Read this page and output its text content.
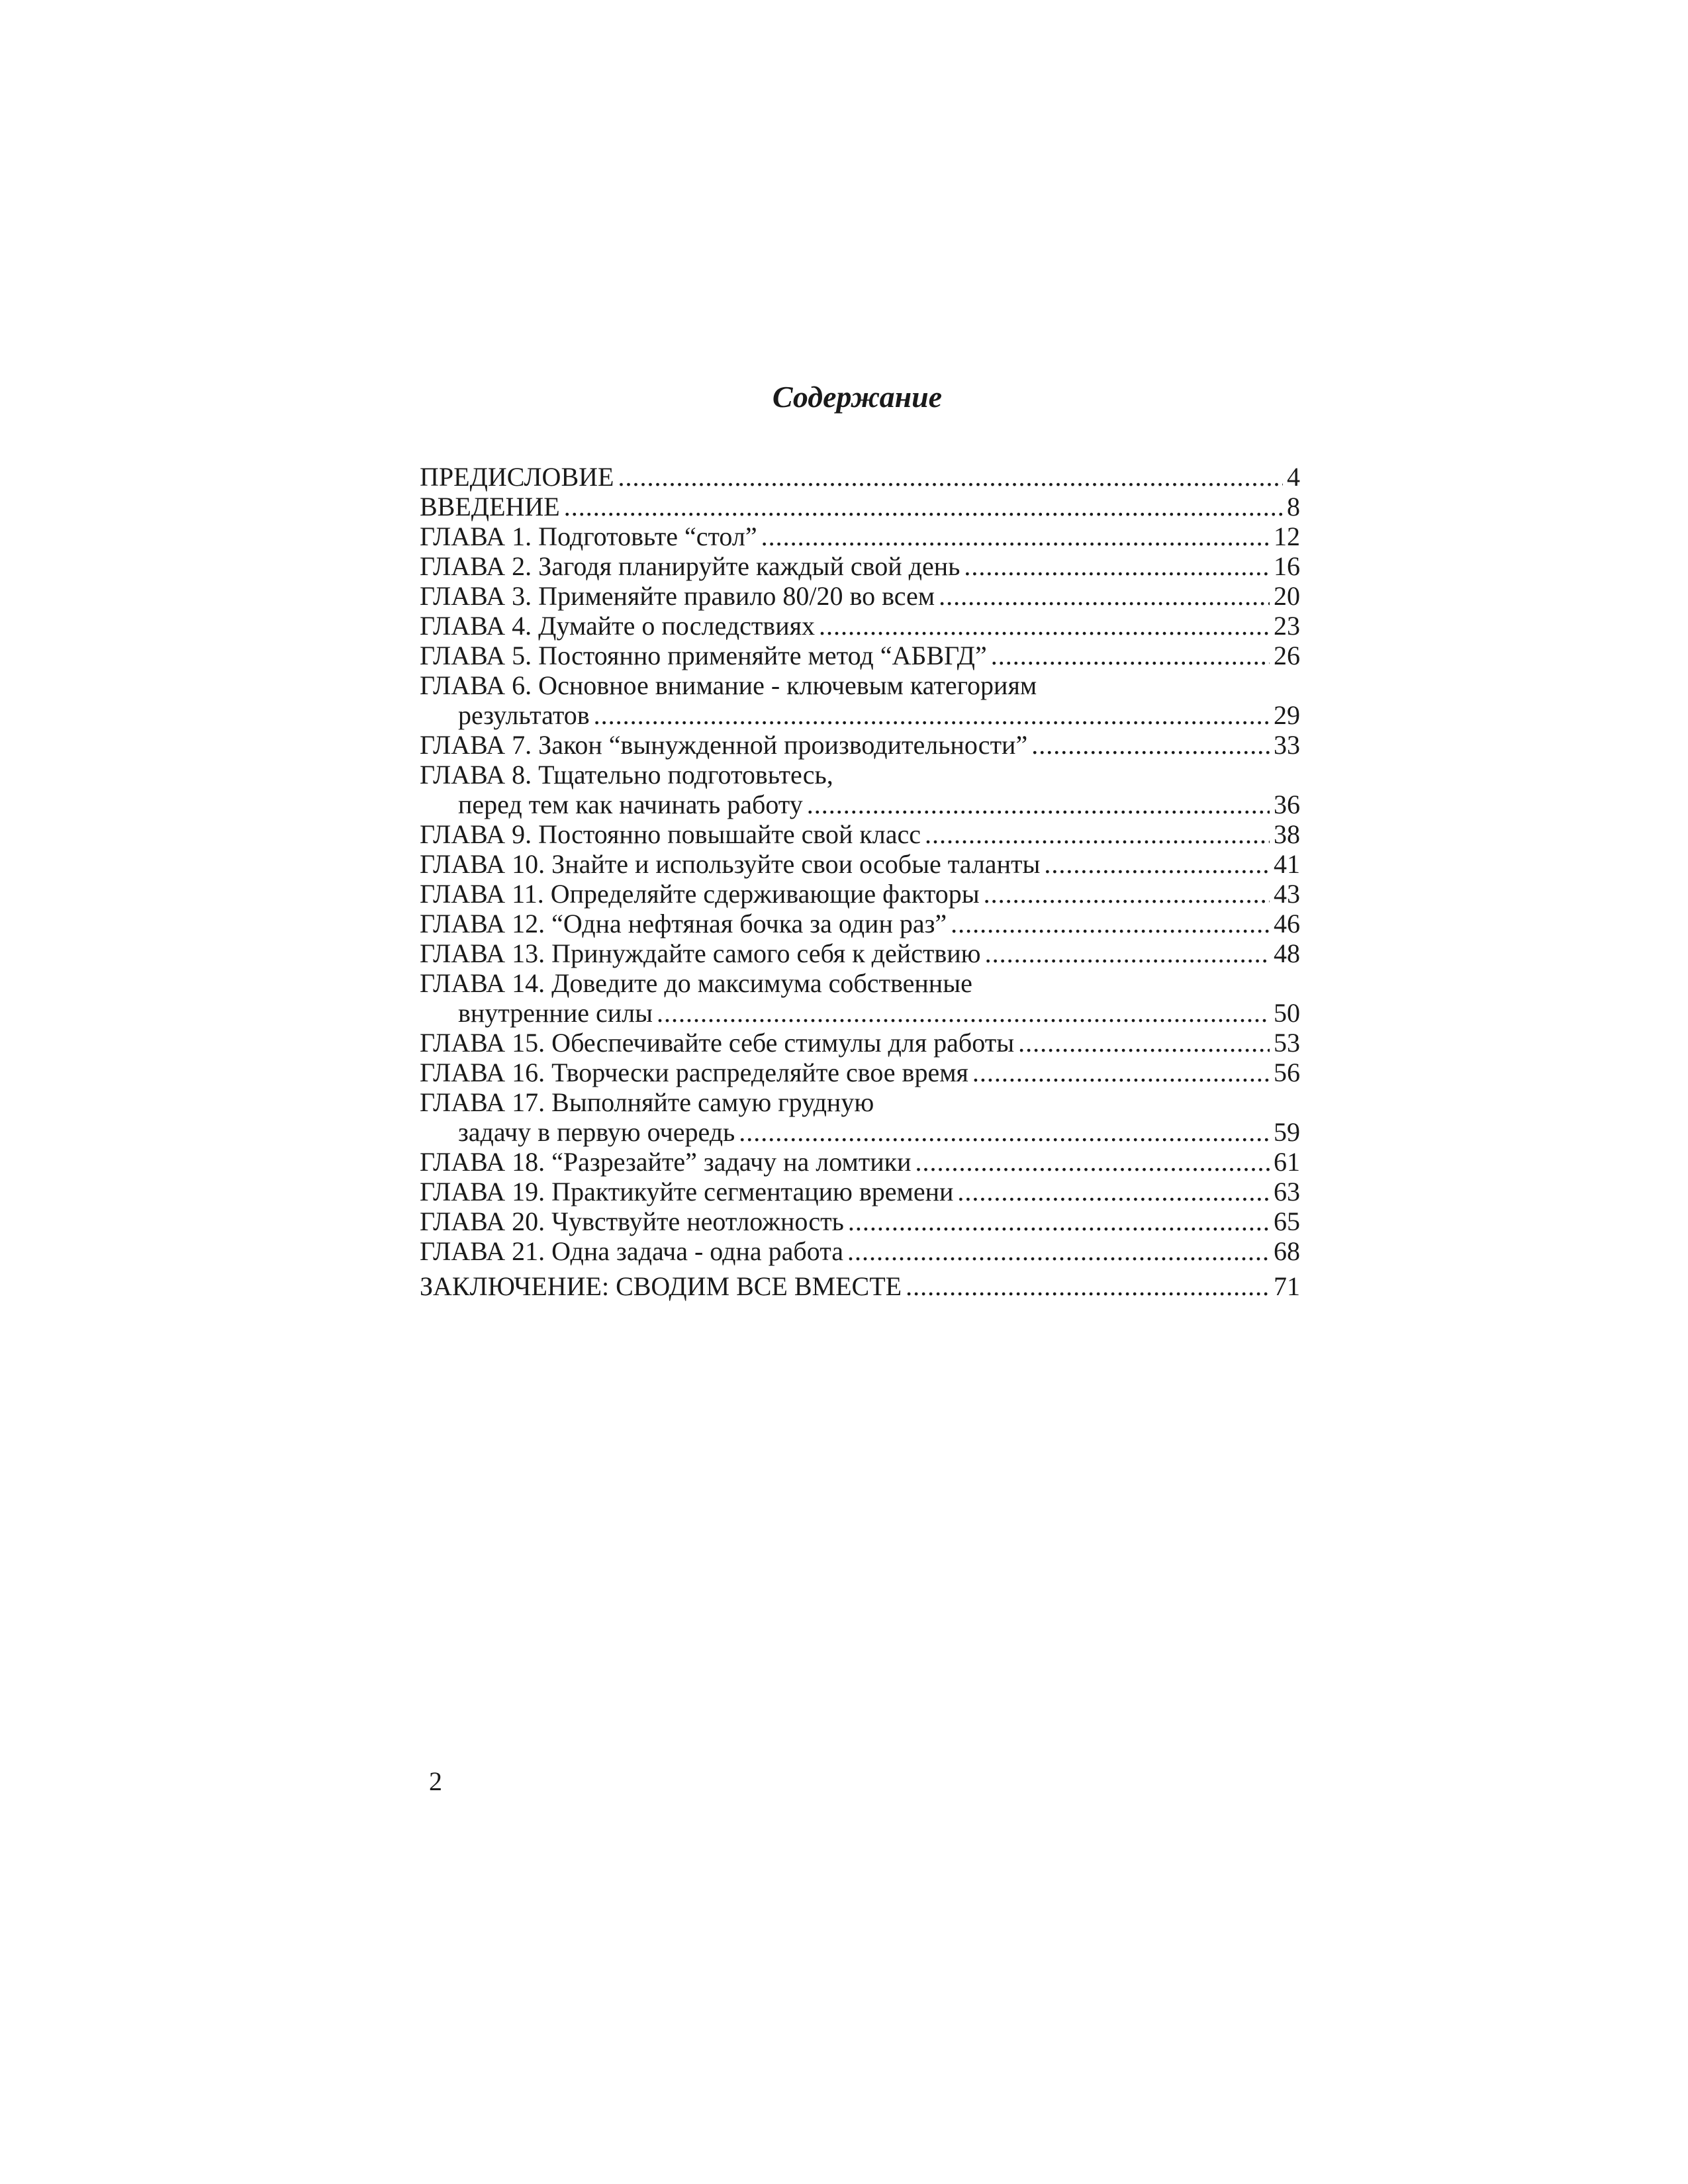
Содержание
ПРЕДИСЛОВИЕ .....	4
ВВЕДЕНИЕ .....	8
ГЛАВА 1. Подготовьте “стол” .....	12
ГЛАВА 2. Загодя планируйте каждый свой день .....	16
ГЛАВА 3. Применяйте правило 80/20 во всем .....	20
ГЛАВА 4. Думайте о последствиях .....	23
ГЛАВА 5. Постоянно применяйте метод “АБВГД” .....	26
ГЛАВА 6. Основное внимание - ключевым категориям
результатов .....	29
ГЛАВА 7. Закон “вынужденной производительности” .....	33
ГЛАВА 8. Тщательно подготовьтесь,
перед тем как начинать работу .....	36
ГЛАВА 9. Постоянно повышайте свой класс .....	38
ГЛАВА 10. Знайте и используйте свои особые таланты .....	41
ГЛАВА 11. Определяйте сдерживающие факторы .....	43
ГЛАВА 12. “Одна нефтяная бочка за один раз” .....	46
ГЛАВА 13. Принуждайте самого себя к действию .....	48
ГЛАВА 14. Доведите до максимума собственные
внутренние силы .....	50
ГЛАВА 15. Обеспечивайте себе стимулы для работы .....	53
ГЛАВА 16. Творчески распределяйте свое время .....	56
ГЛАВА 17. Выполняйте самую грудную
задачу в первую очередь .....	59
ГЛАВА 18. “Разрезайте” задачу на ломтики .....	61
ГЛАВА 19. Практикуйте сегментацию времени .....	63
ГЛАВА 20. Чувствуйте неотложность .....	65
ГЛАВА 21. Одна задача - одна работа .....	68
ЗАКЛЮЧЕНИЕ: СВОДИМ ВСЕ ВМЕСТЕ .....	71
2
